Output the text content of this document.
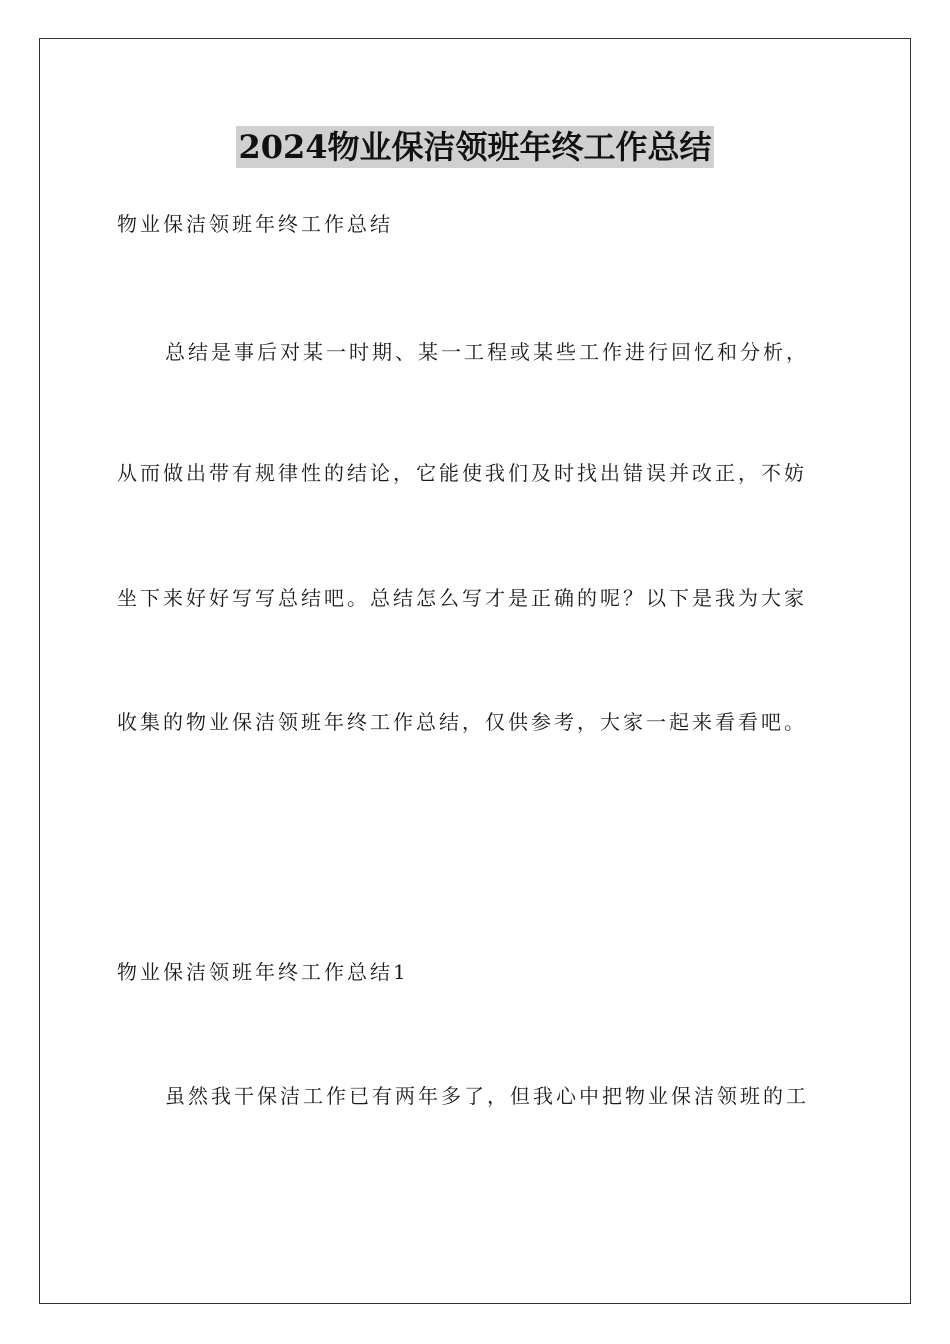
2024物业保洁领班年终工作总结
物业保洁领班年终工作总结
总结是事后对某一时期、某一工程或某些工作进行回忆和分析，
从而做出带有规律性的结论，它能使我们及时找出错误并改正，不妨
坐下来好好写写总结吧。总结怎么写才是正确的呢？以下是我为大家
收集的物业保洁领班年终工作总结，仅供参考，大家一起来看看吧。
物业保洁领班年终工作总结1
虽然我干保洁工作已有两年多了，但我心中把物业保洁领班的工
